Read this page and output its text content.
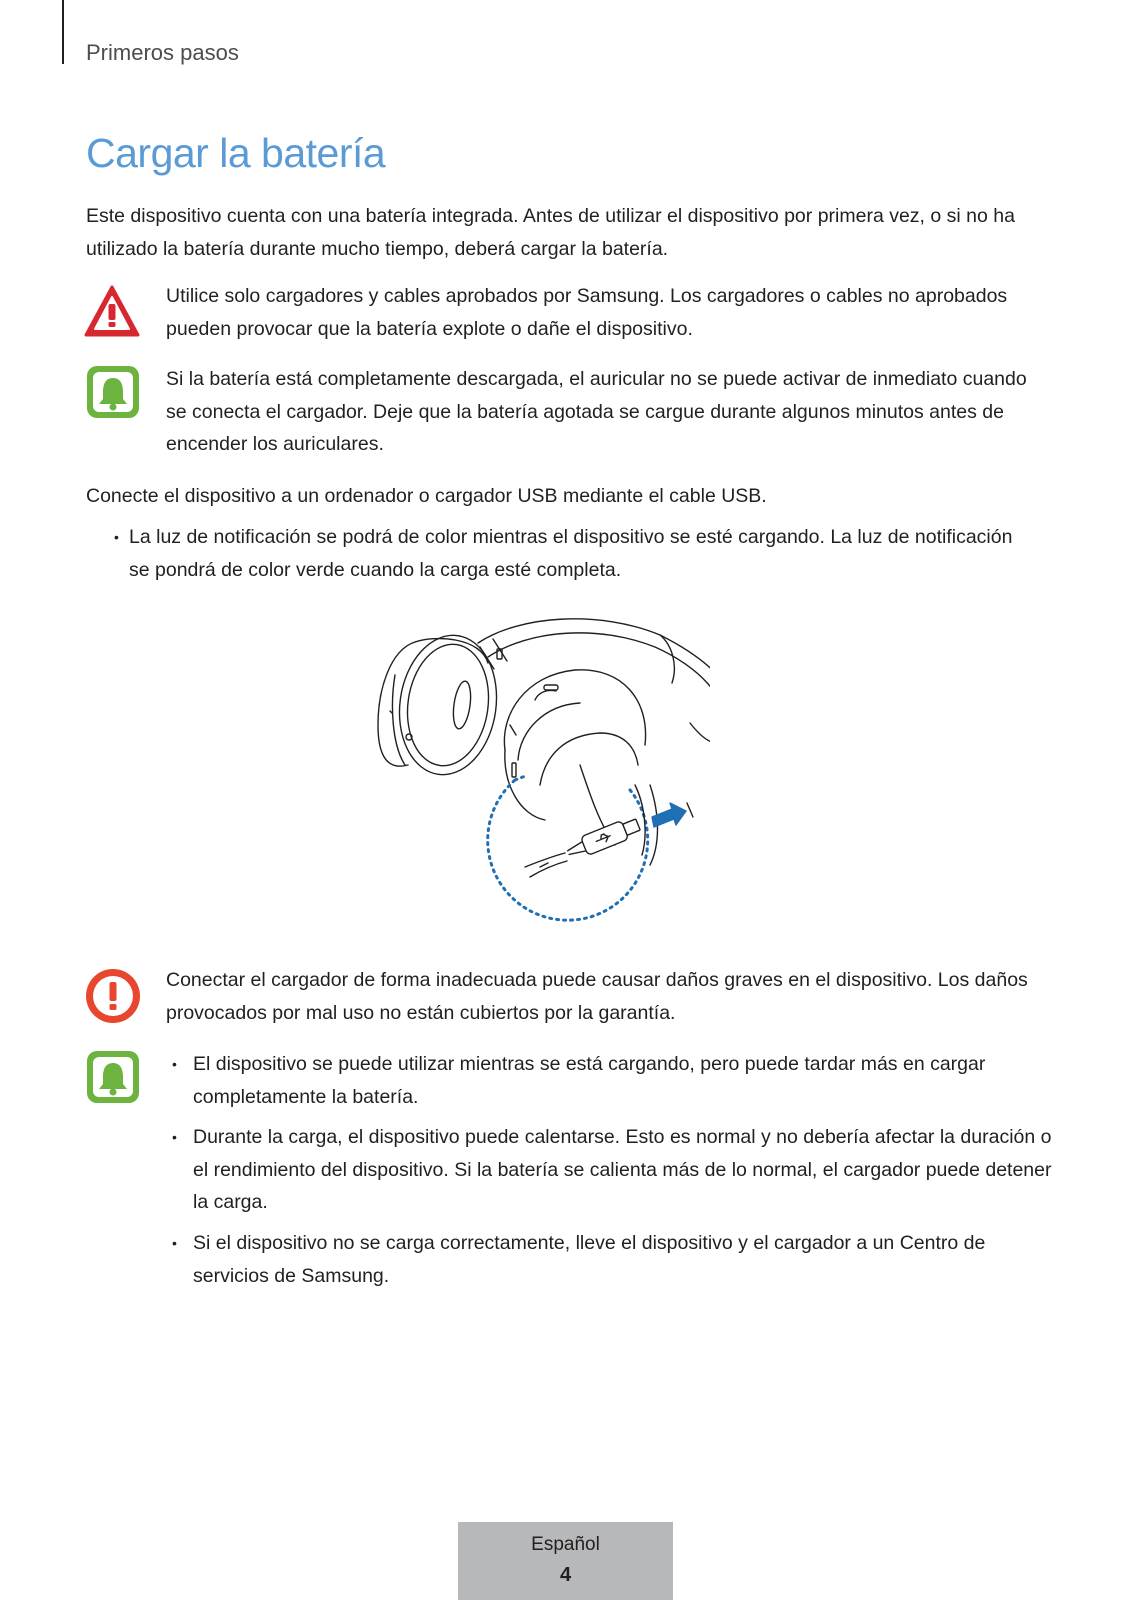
Primeros pasos
Cargar la batería

Este dispositivo cuenta con una batería integrada. Antes de utilizar el dispositivo por primera vez, o si no ha utilizado la batería durante mucho tiempo, deberá cargar la batería.

Utilice solo cargadores y cables aprobados por Samsung. Los cargadores o cables no aprobados pueden provocar que la batería explote o dañe el dispositivo.

Si la batería está completamente descargada, el auricular no se puede activar de inmediato cuando se conecta el cargador. Deje que la batería agotada se cargue durante algunos minutos antes de encender los auriculares.

Conecte el dispositivo a un ordenador o cargador USB mediante el cable USB.

• La luz de notificación se podrá de color mientras el dispositivo se esté cargando. La luz de notificación se pondrá de color verde cuando la carga esté completa.

Conectar el cargador de forma inadecuada puede causar daños graves en el dispositivo. Los daños provocados por mal uso no están cubiertos por la garantía.

• El dispositivo se puede utilizar mientras se está cargando, pero puede tardar más en cargar completamente la batería.

• Durante la carga, el dispositivo puede calentarse. Esto es normal y no debería afectar la duración o el rendimiento del dispositivo. Si la batería se calienta más de lo normal, el cargador puede detener la carga.

• Si el dispositivo no se carga correctamente, lleve el dispositivo y el cargador a un Centro de servicios de Samsung.

Español
4
